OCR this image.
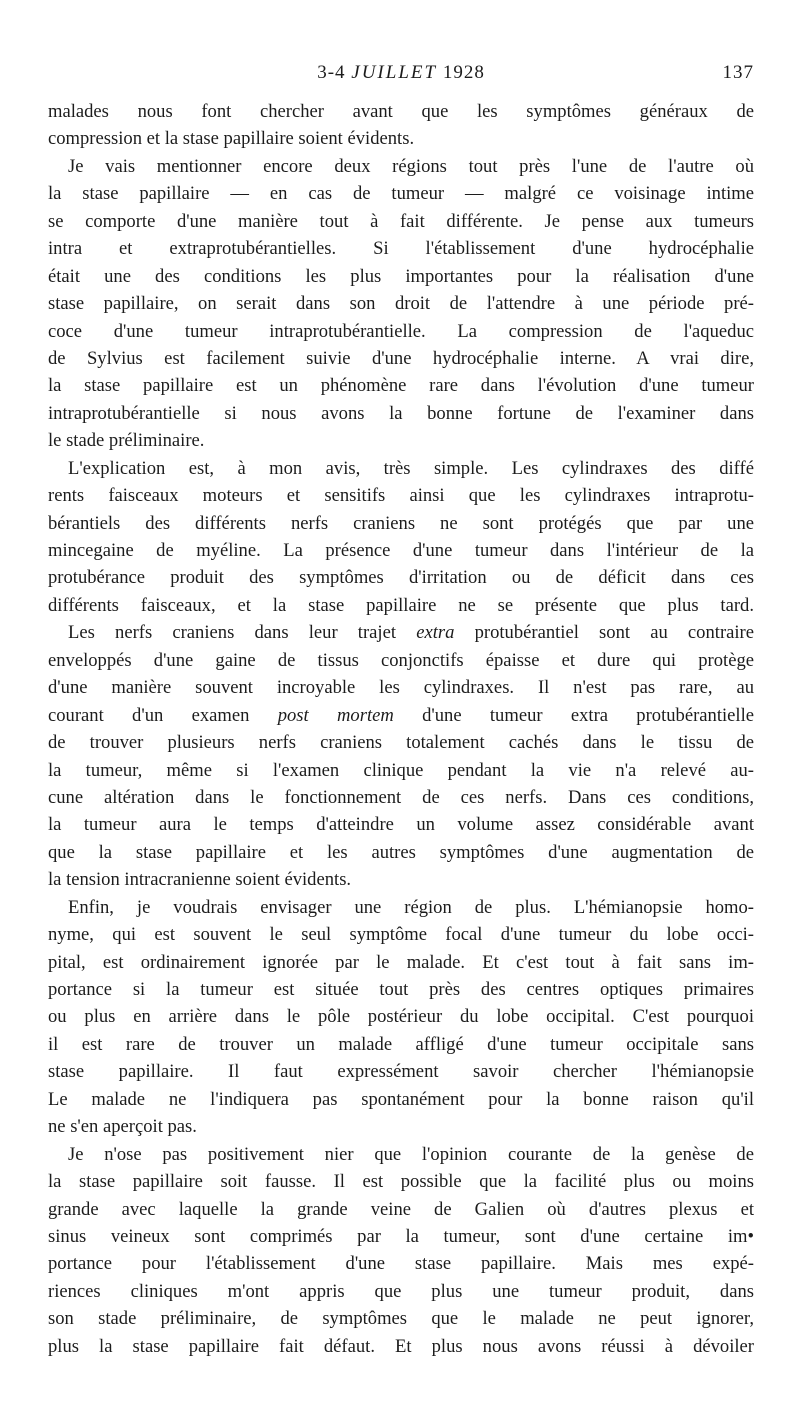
3-4 JUILLET 1928	137
malades nous font chercher avant que les symptômes généraux de
compression et la stase papillaire soient évidents.
Je vais mentionner encore deux régions tout près l'une de l'autre où
la stase papillaire — en cas de tumeur — malgré ce voisinage intime
se comporte d'une manière tout à fait différente. Je pense aux tumeurs
intra et extraprotubérantielles. Si l'établissement d'une hydrocéphalie
était une des conditions les plus importantes pour la réalisation d'une
stase papillaire, on serait dans son droit de l'attendre à une période pré-
coce d'une tumeur intraprotubérantielle. La compression de l'aqueduc
de Sylvius est facilement suivie d'une hydrocéphalie interne. A vrai dire,
la stase papillaire est un phénomène rare dans l'évolution d'une tumeur
intraprotubérantielle si nous avons la bonne fortune de l'examiner dans
le stade préliminaire.
L'explication est, à mon avis, très simple. Les cylindraxes des diffé
rents faisceaux moteurs et sensitifs ainsi que les cylindraxes intraprotu-
bérantiels des différents nerfs craniens ne sont protégés que par une
mincegaine de myéline. La présence d'une tumeur dans l'intérieur de la
protubérance produit des symptômes d'irritation ou de déficit dans ces
différents faisceaux, et la stase papillaire ne se présente que plus tard.
Les nerfs craniens dans leur trajet extra protubérantiel sont au contraire
enveloppés d'une gaine de tissus conjonctifs épaisse et dure qui protège
d'une manière souvent incroyable les cylindraxes. Il n'est pas rare, au
courant d'un examen post mortem d'une tumeur extra protubérantielle
de trouver plusieurs nerfs craniens totalement cachés dans le tissu de
la tumeur, même si l'examen clinique pendant la vie n'a relevé au-
cune altération dans le fonctionnement de ces nerfs. Dans ces conditions,
la tumeur aura le temps d'atteindre un volume assez considérable avant
que la stase papillaire et les autres symptômes d'une augmentation de
la tension intracranienne soient évidents.
Enfin, je voudrais envisager une région de plus. L'hémianopsie homo-
nyme, qui est souvent le seul symptôme focal d'une tumeur du lobe occi-
pital, est ordinairement ignorée par le malade. Et c'est tout à fait sans im-
portance si la tumeur est située tout près des centres optiques primaires
ou plus en arrière dans le pôle postérieur du lobe occipital. C'est pourquoi
il est rare de trouver un malade affligé d'une tumeur occipitale sans
stase papillaire. Il faut expressément savoir chercher l'hémianopsie
Le malade ne l'indiquera pas spontanément pour la bonne raison qu'il
ne s'en aperçoit pas.
Je n'ose pas positivement nier que l'opinion courante de la genèse de
la stase papillaire soit fausse. Il est possible que la facilité plus ou moins
grande avec laquelle la grande veine de Galien où d'autres plexus et
sinus veineux sont comprimés par la tumeur, sont d'une certaine im•
portance pour l'établissement d'une stase papillaire. Mais mes expé-
riences cliniques m'ont appris que plus une tumeur produit, dans
son stade préliminaire, de symptômes que le malade ne peut ignorer,
plus la stase papillaire fait défaut. Et plus nous avons réussi à dévoiler
